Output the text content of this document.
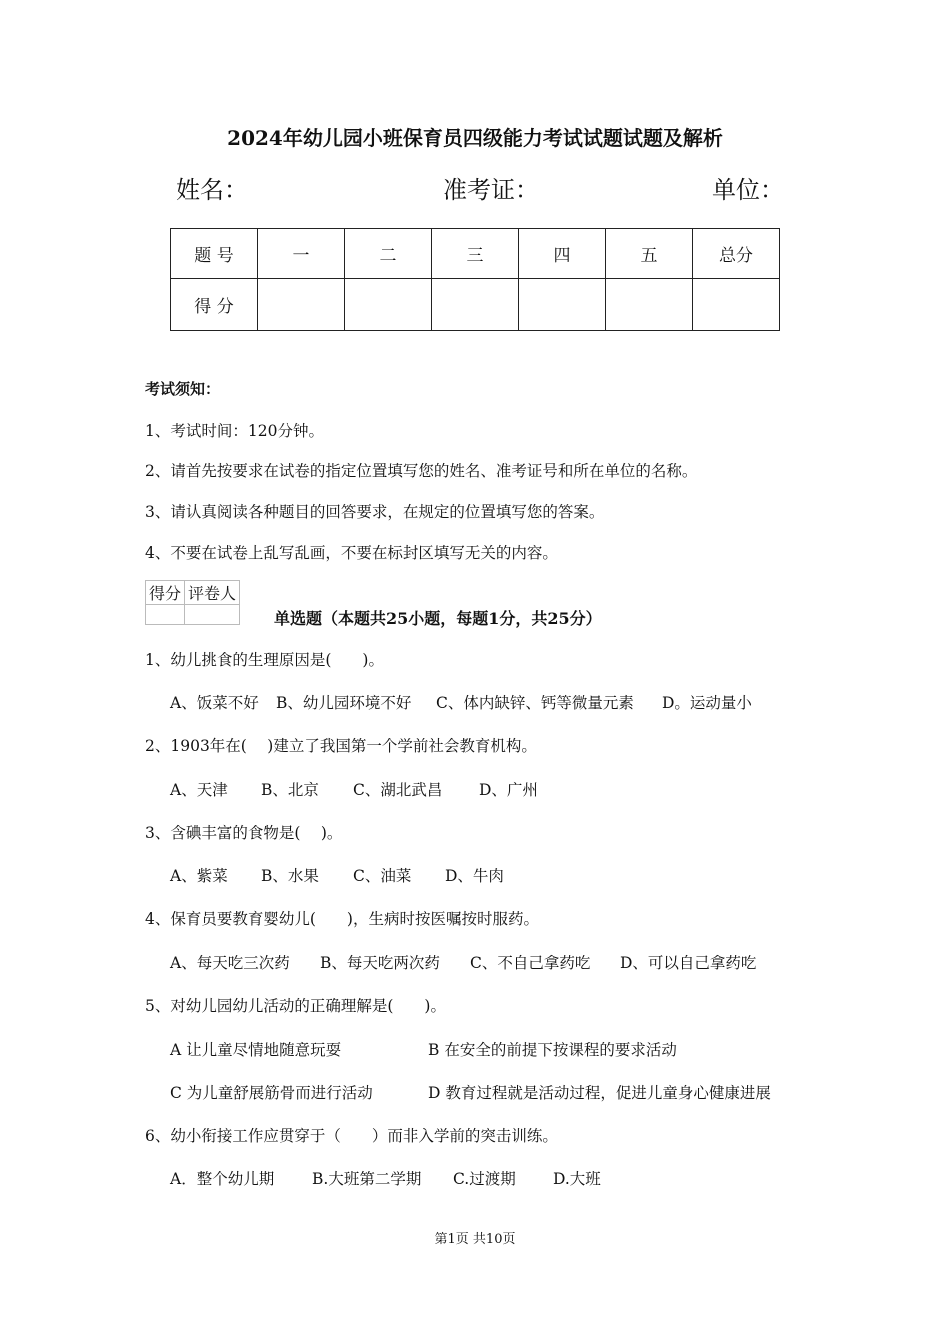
2024年幼儿园小班保育员四级能力考试试题试题及解析
姓名：	准考证：	单位：
题 号	一	二	三	四	五	总分
得 分						
考试须知：
1、考试时间：120分钟。
2、请首先按要求在试卷的指定位置填写您的姓名、准考证号和所在单位的名称。
3、请认真阅读各种题目的回答要求，在规定的位置填写您的答案。
4、不要在试卷上乱写乱画，不要在标封区填写无关的内容。
得分	评卷人

单选题（本题共25小题，每题1分，共25分）
1、幼儿挑食的生理原因是(　　)。
A、饭菜不好 B、幼儿园环境不好 C、体内缺锌、钙等微量元素 D。运动量小
2、1903年在(　 )建立了我国第一个学前社会教育机构。
A、天津 B、北京 C、湖北武昌 D、广州
3、含碘丰富的食物是(　 )。
A、紫菜 B、水果 C、油菜 D、牛肉
4、保育员要教育婴幼儿(　　)，生病时按医嘱按时服药。
A、每天吃三次药 B、每天吃两次药 C、不自己拿药吃 D、可以自己拿药吃
5、对幼儿园幼儿活动的正确理解是(　　)。
A 让儿童尽情地随意玩耍	B 在安全的前提下按课程的要求活动
C 为儿童舒展筋骨而进行活动	D 教育过程就是活动过程，促进儿童身心健康进展
6、幼小衔接工作应贯穿于（　　）而非入学前的突击训练。
A．整个幼儿期 B.大班第二学期 C.过渡期 D.大班
第1页 共10页
